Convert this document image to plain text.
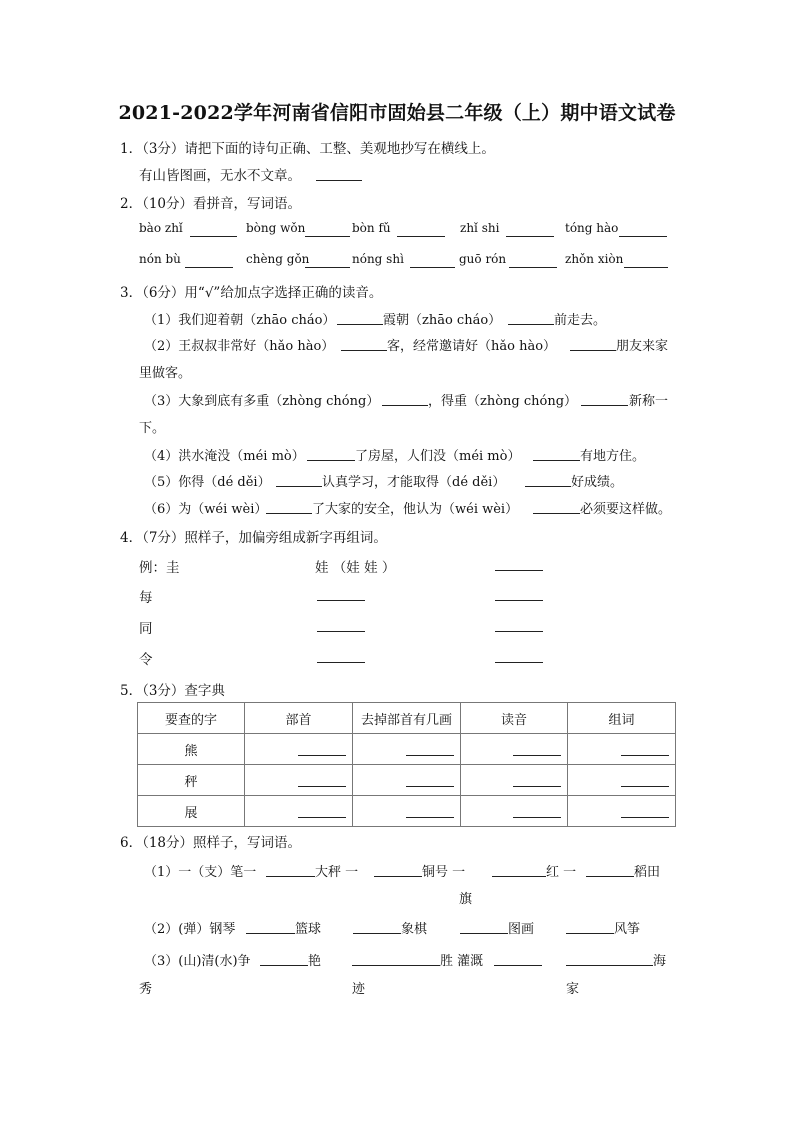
2021-2022学年河南省信阳市固始县二年级（上）期中语文试卷
1．（3分）请把下面的诗句正确、工整、美观地抄写在横线上。
有山皆图画，无水不文章。
2．（10分）看拼音，写词语。
bào zhǐ	bòng wǒn	bòn fǔ	zhǐ shi	tóng hào
nón bù	chèng gǒn	nóng shì	guō rón	zhǒn xiòn
3．（6分）用“√”给加点字选择正确的读音。
（1）我们迎着朝（zhāo cháo）	霞朝（zhāo cháo）	前走去。
（2）王叔叔非常好（hǎo hào）	客，经常邀请好（hǎo hào）	朋友来家
里做客。
（3）大象到底有多重（zhòng chóng）	，得重（zhòng chóng）	新称一
下。
（4）洪水淹没（méi mò）	了房屋，人们没（méi mò）	有地方住。
（5）你得（dé děi）	认真学习，才能取得（dé děi）	好成绩。
（6）为（wéi wèi）	了大家的安全，他认为（wéi wèi）	必须要这样做。
4．（7分）照样子，加偏旁组成新字再组词。
例：圭	娃 （娃 娃 ）
每
同
令
5．（3分）查字典
要查的字	部首	去掉部首有几画	读音	组词
熊	

秤	

展	

6．（18分）照样子，写词语。
（1）一（支）笔一	大秤 一	铜号 一	红 一	稻田
旗
（2）(弹）钢琴	篮球	象棋	图画	风筝
（3）(山)清(水)争	艳	胜 灌溉	海
秀	迹	家
